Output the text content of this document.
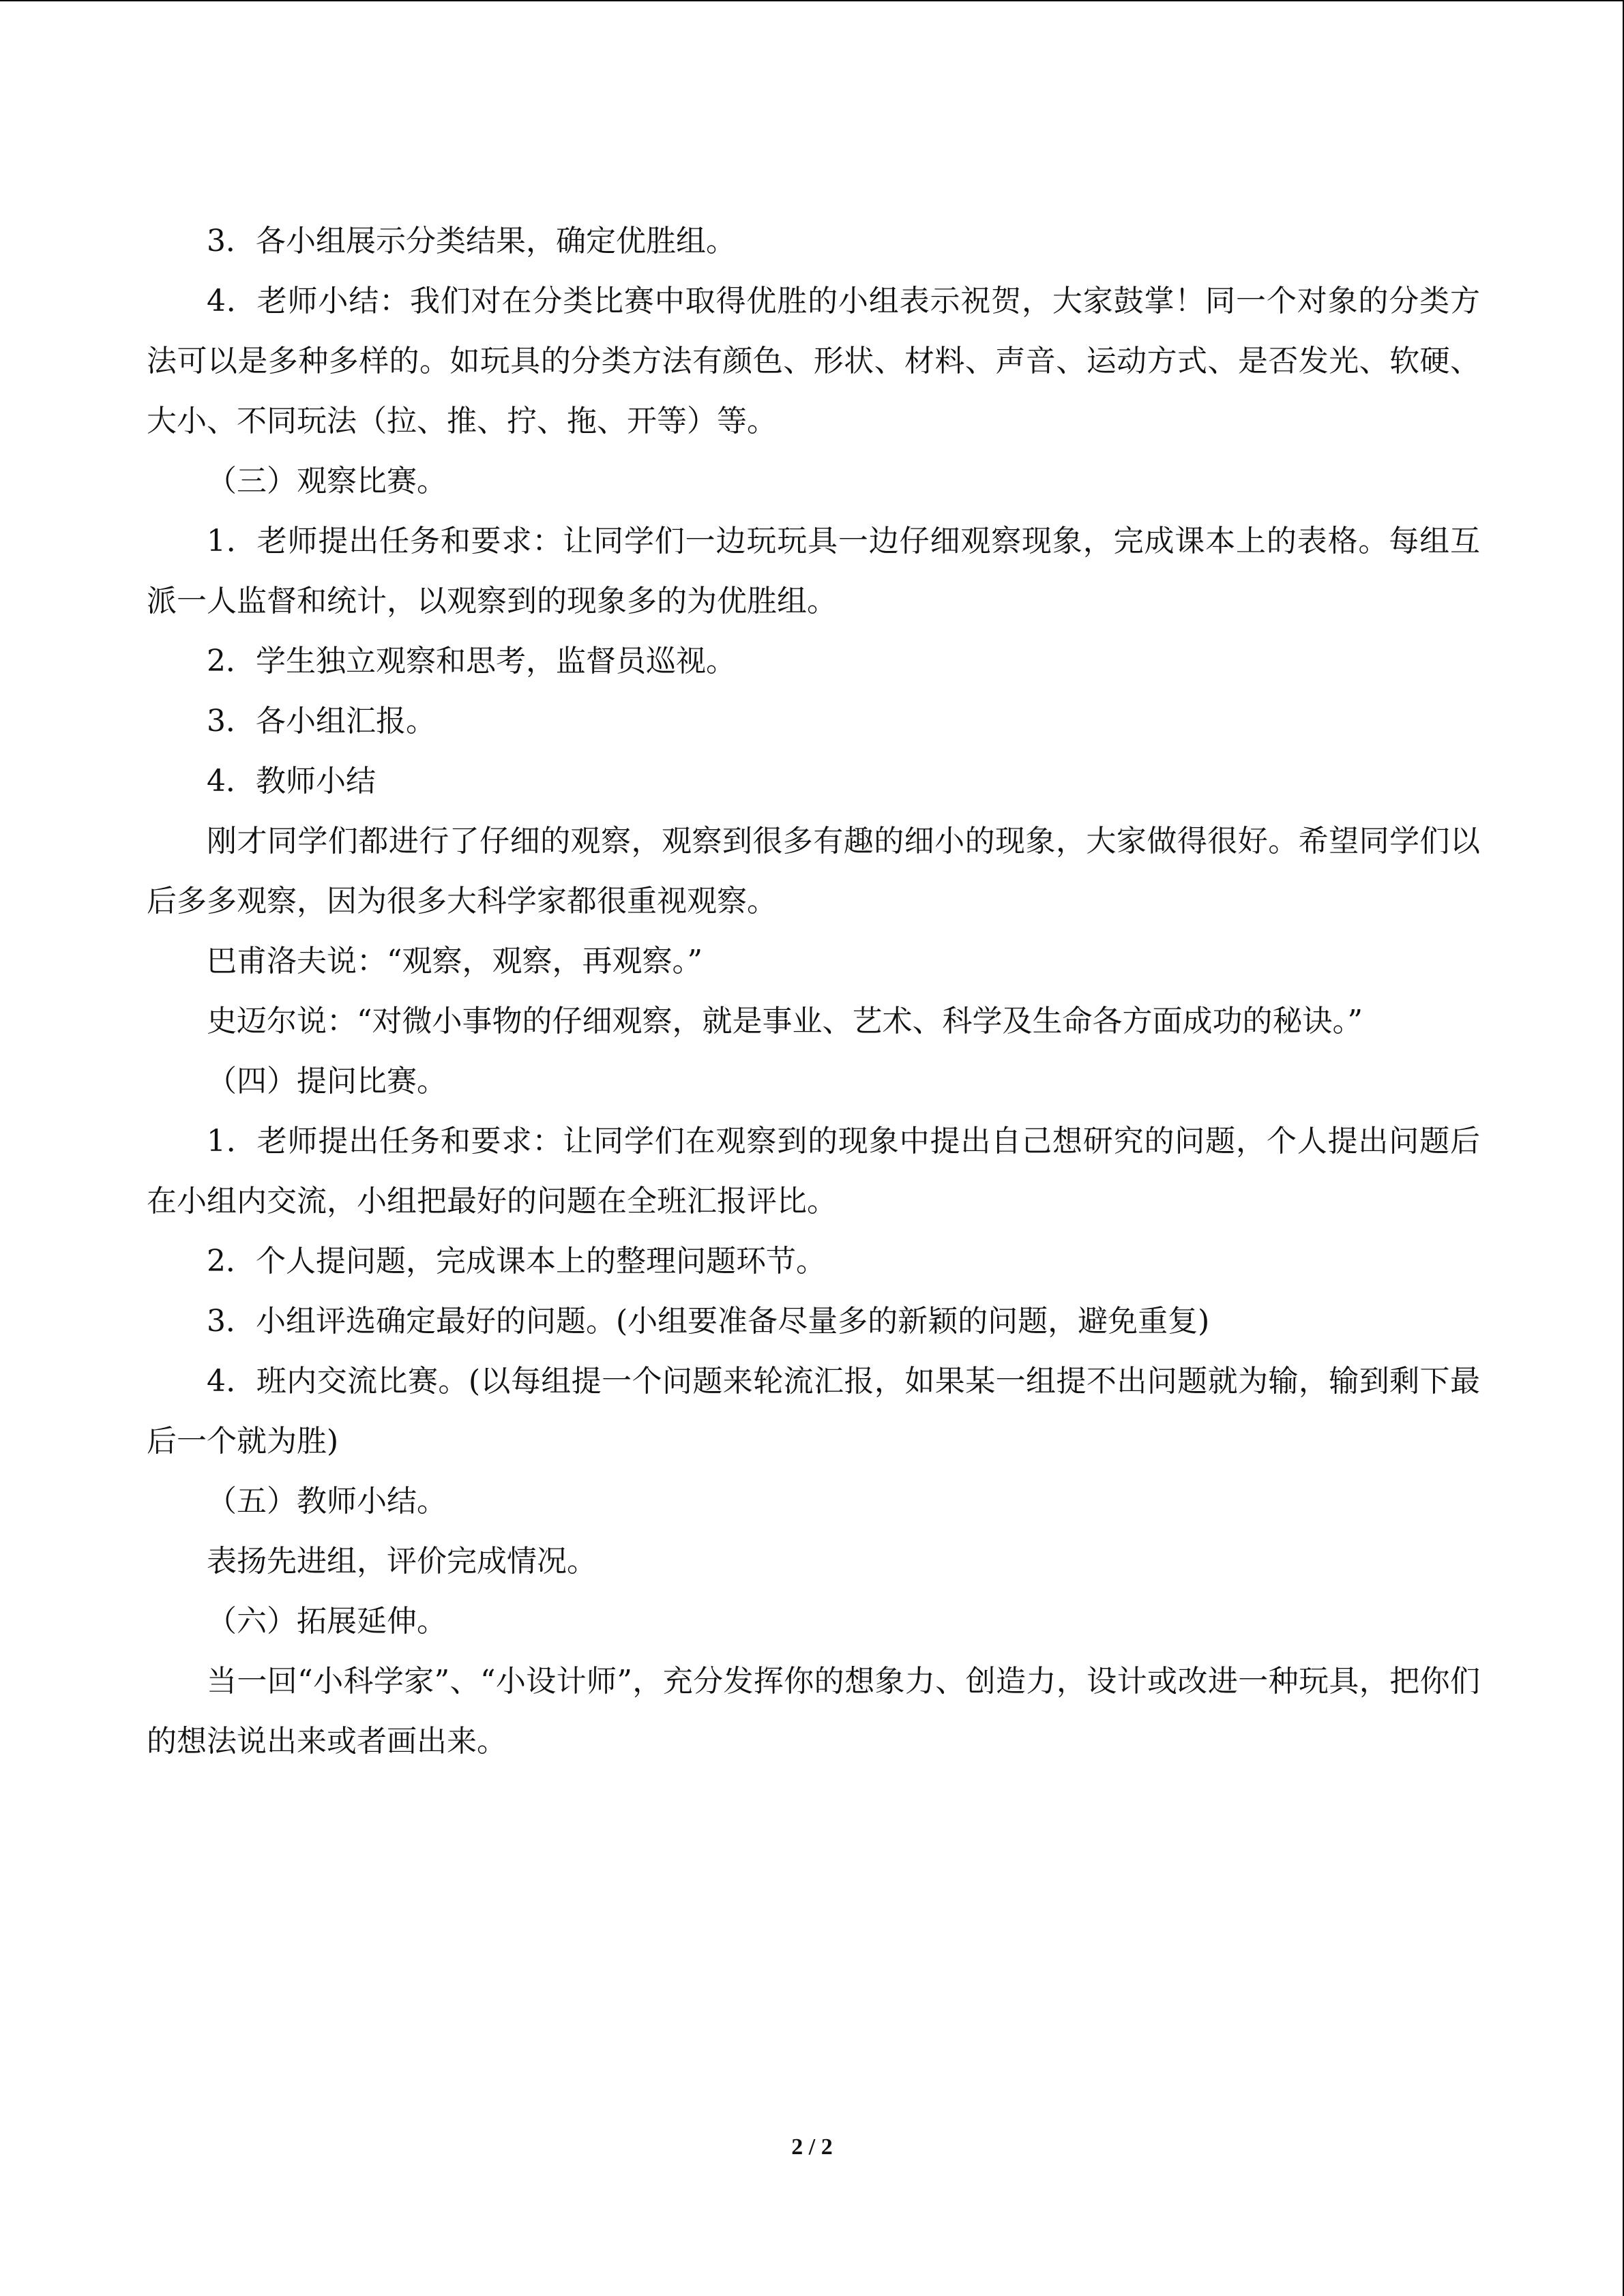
3．各小组展示分类结果，确定优胜组。

4．老师小结：我们对在分类比赛中取得优胜的小组表示祝贺，大家鼓掌！同一个对象的分类方法可以是多种多样的。如玩具的分类方法有颜色、形状、材料、声音、运动方式、是否发光、软硬、大小、不同玩法（拉、推、拧、拖、开等）等。

（三）观察比赛。

1．老师提出任务和要求：让同学们一边玩玩具一边仔细观察现象，完成课本上的表格。每组互派一人监督和统计，以观察到的现象多的为优胜组。

2．学生独立观察和思考，监督员巡视。

3．各小组汇报。

4．教师小结

刚才同学们都进行了仔细的观察，观察到很多有趣的细小的现象，大家做得很好。希望同学们以后多多观察，因为很多大科学家都很重视观察。

巴甫洛夫说：“观察，观察，再观察。”

史迈尔说：“对微小事物的仔细观察，就是事业、艺术、科学及生命各方面成功的秘诀。”

（四）提问比赛。

1．老师提出任务和要求：让同学们在观察到的现象中提出自己想研究的问题，个人提出问题后在小组内交流，小组把最好的问题在全班汇报评比。

2．个人提问题，完成课本上的整理问题环节。

3．小组评选确定最好的问题。(小组要准备尽量多的新颖的问题，避免重复)

4．班内交流比赛。(以每组提一个问题来轮流汇报，如果某一组提不出问题就为输，输到剩下最后一个就为胜)

（五）教师小结。

表扬先进组，评价完成情况。

（六）拓展延伸。

当一回“小科学家”、“小设计师”，充分发挥你的想象力、创造力，设计或改进一种玩具，把你们的想法说出来或者画出来。

2 / 2
